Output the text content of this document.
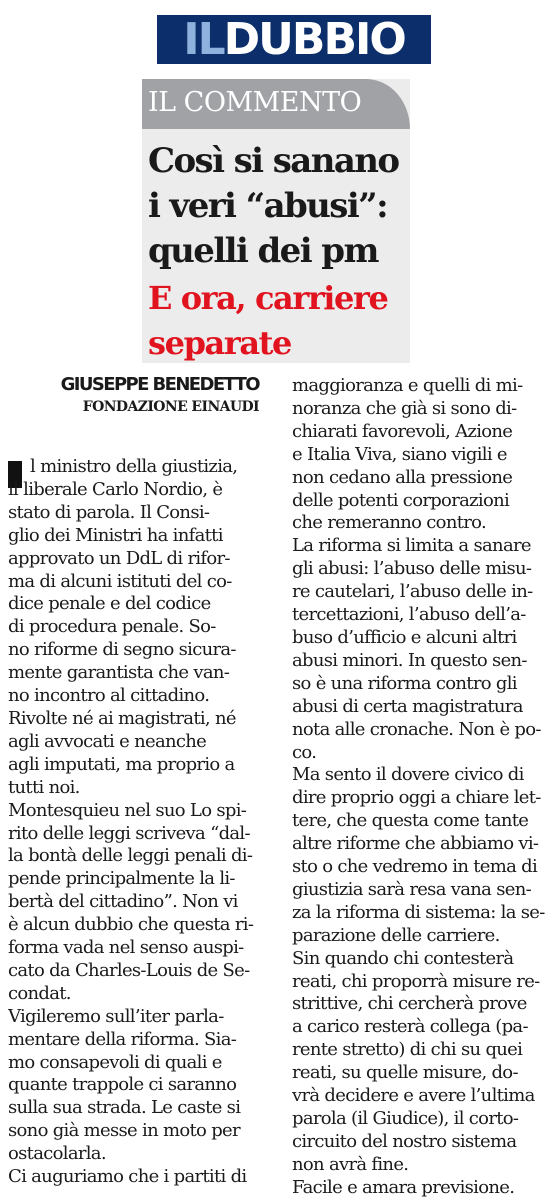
IL DUBBIO
IL COMMENTO
Così si sanano
i veri “abusi”:
quelli dei pm
E ora, carriere
separate
GIUSEPPE BENEDETTO
FONDAZIONE EINAUDI
l ministro della giustizia,
il liberale Carlo Nordio, è
stato di parola. Il Consi-
glio dei Ministri ha infatti
approvato un DdL di rifor-
ma di alcuni istituti del co-
dice penale e del codice
di procedura penale. So-
no riforme di segno sicura-
mente garantista che van-
no incontro al cittadino.
Rivolte né ai magistrati, né
agli avvocati e neanche
agli imputati, ma proprio a
tutti noi.
Montesquieu nel suo Lo spi-
rito delle leggi scriveva “dal-
la bontà delle leggi penali di-
pende principalmente la li-
bertà del cittadino”. Non vi
è alcun dubbio che questa ri-
forma vada nel senso auspi-
cato da Charles-Louis de Se-
condat.
Vigileremo sull’iter parla-
mentare della riforma. Sia-
mo consapevoli di quali e
quante trappole ci saranno
sulla sua strada. Le caste si
sono già messe in moto per
ostacolarla.
Ci auguriamo che i partiti di
maggioranza e quelli di mi-
noranza che già si sono di-
chiarati favorevoli, Azione
e Italia Viva, siano vigili e
non cedano alla pressione
delle potenti corporazioni
che remeranno contro.
La riforma si limita a sanare
gli abusi: l’abuso delle misu-
re cautelari, l’abuso delle in-
tercettazioni, l’abuso dell’a-
buso d’ufficio e alcuni altri
abusi minori. In questo sen-
so è una riforma contro gli
abusi di certa magistratura
nota alle cronache. Non è po-
co.
Ma sento il dovere civico di
dire proprio oggi a chiare let-
tere, che questa come tante
altre riforme che abbiamo vi-
sto o che vedremo in tema di
giustizia sarà resa vana sen-
za la riforma di sistema: la se-
parazione delle carriere.
Sin quando chi contesterà
reati, chi proporrà misure re-
strittive, chi cercherà prove
a carico resterà collega (pa-
rente stretto) di chi su quei
reati, su quelle misure, do-
vrà decidere e avere l’ultima
parola (il Giudice), il corto-
circuito del nostro sistema
non avrà fine.
Facile e amara previsione.
